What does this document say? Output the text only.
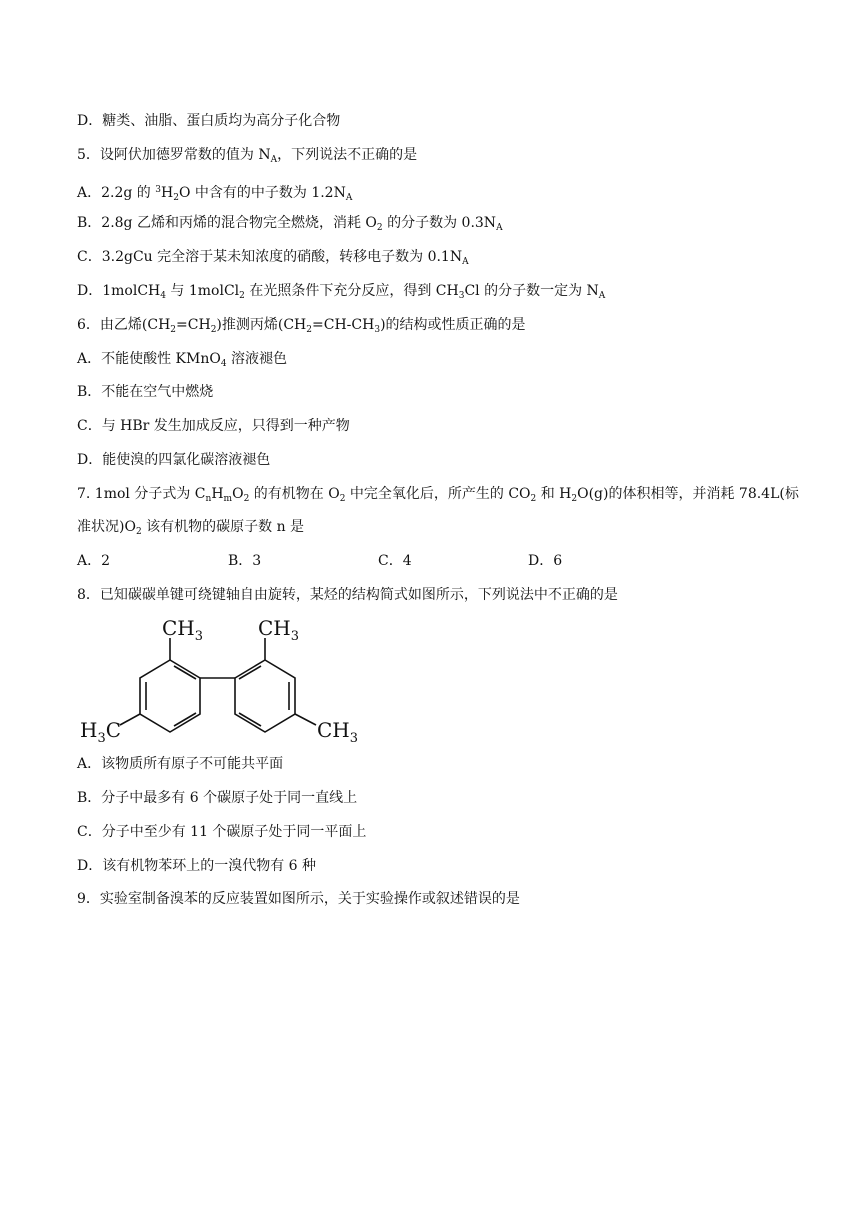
D．糖类、油脂、蛋白质均为高分子化合物
5．设阿伏加德罗常数的值为 $N_A$，下列说法不正确的是
A．2.2g 的 $^3H_2O$ 中含有的中子数为 $1.2N_A$
B．2.8g 乙烯和丙烯的混合物完全燃烧，消耗 $O_2$ 的分子数为 $0.3N_A$
C．3.2gCu 完全溶于某未知浓度的硝酸，转移电子数为 $0.1N_A$
D．1molCH$_4$ 与 1molCl$_2$ 在光照条件下充分反应，得到 $CH_3Cl$ 的分子数一定为 $N_A$
6．由乙烯$(CH_2=CH_2)$推测丙烯$(CH_2=CH-CH_3)$的结构或性质正确的是
A．不能使酸性 KMnO$_4$ 溶液褪色
B．不能在空气中燃烧
C．与 HBr 发生加成反应，只得到一种产物
D．能使溴的四氯化碳溶液褪色
7. 1mol 分子式为 $C_nH_mO_2$ 的有机物在 $O_2$ 中完全氧化后，所产生的 $CO_2$ 和 $H_2O(g)$的体积相等，并消耗 78.4L(标
准状况)$O_2$ 该有机物的碳原子数 n 是
A．2	B．3	C．4	D．6
8．已知碳碳单键可绕键轴自由旋转，某烃的结构简式如图所示，下列说法中不正确的是
$CH_3$	$CH_3$
$H_3C$	$CH_3$
A．该物质所有原子不可能共平面
B．分子中最多有 6 个碳原子处于同一直线上
C．分子中至少有 11 个碳原子处于同一平面上
D．该有机物苯环上的一溴代物有 6 种
9．实验室制备溴苯的反应装置如图所示，关于实验操作或叙述错误的是
